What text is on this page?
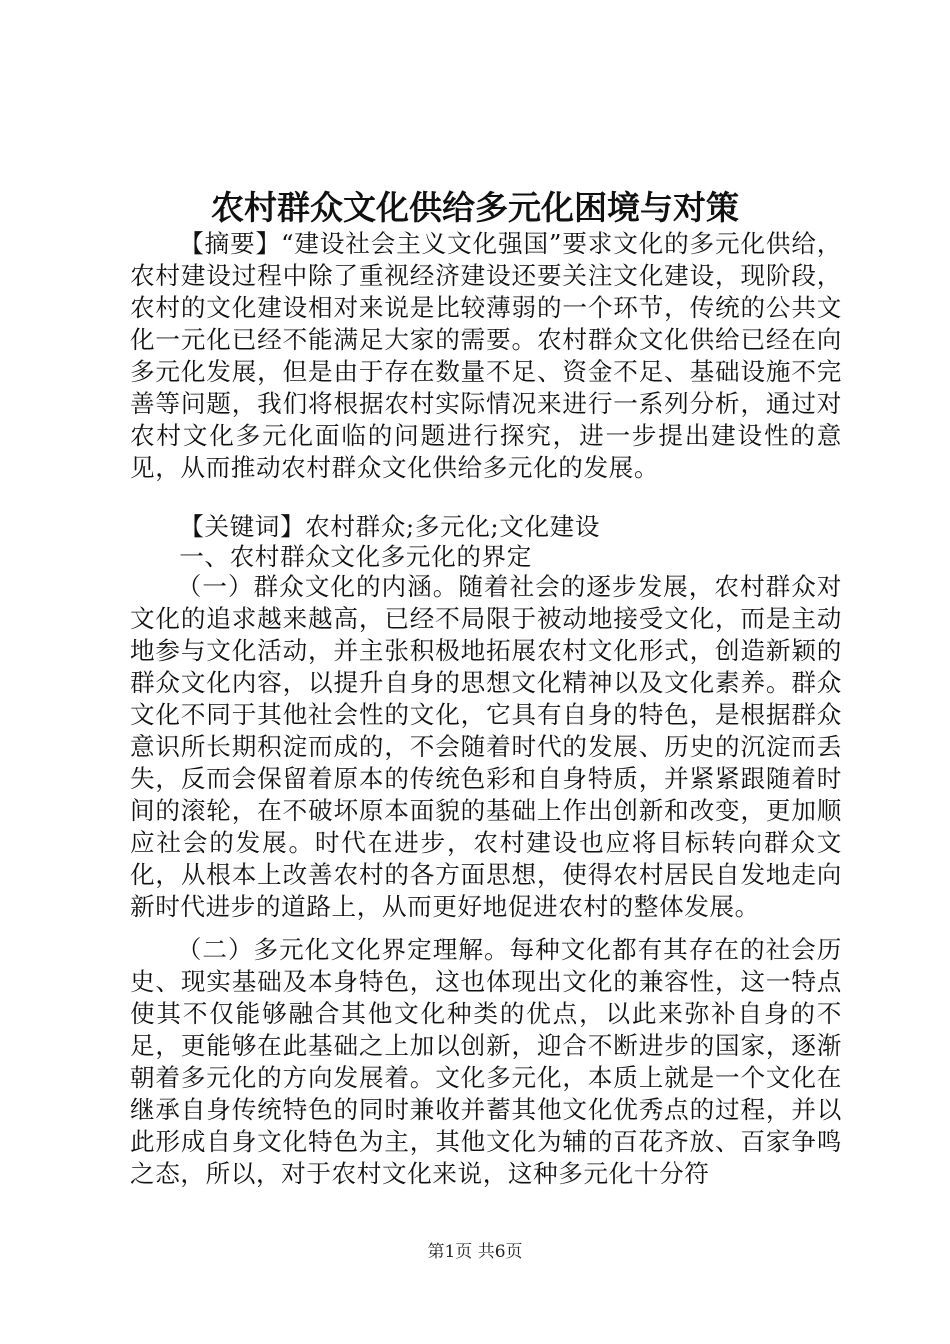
农村群众文化供给多元化困境与对策

【摘要】“建设社会主义文化强国”要求文化的多元化供给，农村建设过程中除了重视经济建设还要关注文化建设，现阶段，农村的文化建设相对来说是比较薄弱的一个环节，传统的公共文化一元化已经不能满足大家的需要。农村群众文化供给已经在向多元化发展，但是由于存在数量不足、资金不足、基础设施不完善等问题，我们将根据农村实际情况来进行一系列分析，通过对农村文化多元化面临的问题进行探究，进一步提出建设性的意见，从而推动农村群众文化供给多元化的发展。

【关键词】农村群众;多元化;文化建设

一、农村群众文化多元化的界定

（一）群众文化的内涵。随着社会的逐步发展，农村群众对文化的追求越来越高，已经不局限于被动地接受文化，而是主动地参与文化活动，并主张积极地拓展农村文化形式，创造新颖的群众文化内容，以提升自身的思想文化精神以及文化素养。群众文化不同于其他社会性的文化，它具有自身的特色，是根据群众意识所长期积淀而成的，不会随着时代的发展、历史的沉淀而丢失，反而会保留着原本的传统色彩和自身特质，并紧紧跟随着时间的滚轮，在不破坏原本面貌的基础上作出创新和改变，更加顺应社会的发展。时代在进步，农村建设也应将目标转向群众文化，从根本上改善农村的各方面思想，使得农村居民自发地走向新时代进步的道路上，从而更好地促进农村的整体发展。

（二）多元化文化界定理解。每种文化都有其存在的社会历史、现实基础及本身特色，这也体现出文化的兼容性，这一特点使其不仅能够融合其他文化种类的优点，以此来弥补自身的不足，更能够在此基础之上加以创新，迎合不断进步的国家，逐渐朝着多元化的方向发展着。文化多元化，本质上就是一个文化在继承自身传统特色的同时兼收并蓄其他文化优秀点的过程，并以此形成自身文化特色为主，其他文化为辅的百花齐放、百家争鸣之态，所以，对于农村文化来说，这种多元化十分符

第1页 共6页
